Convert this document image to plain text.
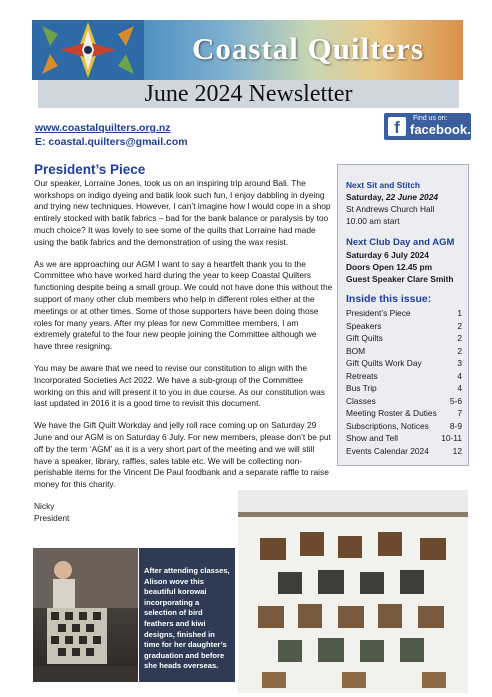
Coastal Quilters
June 2024 Newsletter
www.coastalquilters.org.nz
E: coastal.quilters@gmail.com
f	Find us on:
facebook.
President’s Piece

Our speaker, Lorraine Jones, took us on an inspiring trip around Bali. The workshops on indigo dyeing and batik look such fun, I enjoy dabbling in dyeing and trying new techniques. However, I can’t imagine how I would cope in a shop entirely stocked with batik fabrics – bad for the bank balance or paralysis by too much choice? It was lovely to see some of the quilts that Lorraine had made using the batik fabrics and the demonstration of using the wax resist.

As we are approaching our AGM I want to say a heartfelt thank you to the Committee who have worked hard during the year to keep Coastal Quilters functioning despite being a small group. We could not have done this without the support of many other club members who help in different roles either at the meetings or at other times. Some of those supporters have been doing those roles for many years. After my pleas for new Committee members, I am extremely grateful to the four new people joining the Committee although we have three resigning.

You may be aware that we need to revise our constitution to align with the Incorporated Societies Act 2022. We have a sub-group of the Committee working on this and will present it to you in due course. As our constitution was last updated in 2016 it is a good time to revisit this document.

We have the Gift Quilt Workday and jelly roll race coming up on Saturday 29 June and our AGM is on Saturday 6 July. For new members, please don’t be put off by the term ‘AGM’ as it is a very short part of the meeting and we will still have a speaker, library, raffles, sales table etc. We will be collecting non-perishable items for the Vincent De Paul foodbank and a separate raffle to raise money for this charity.

Nicky
President
Next Sit and Stitch
Saturday, 22 June 2024
St Andrews Church Hall
10.00 am start
Next Club Day and AGM
Saturday 6 July 2024
Doors Open 12.45 pm
Guest Speaker Clare Smith
Inside this issue:
President’s Piece	1
Speakers	2
Gift Quilts	2
BOM	2
Gift Quilts Work Day	3
Retreats	4
Bus Trip	4
Classes	5-6
Meeting Roster & Duties 7
Subscriptions, Notices	8-9
Show and Tell	10-11
Events Calendar 2024	12
After attending classes, Alison wove this beautiful korowai incorporating a selection of bird feathers and kiwi designs, finished in time for her daughter’s graduation and before she heads overseas.
